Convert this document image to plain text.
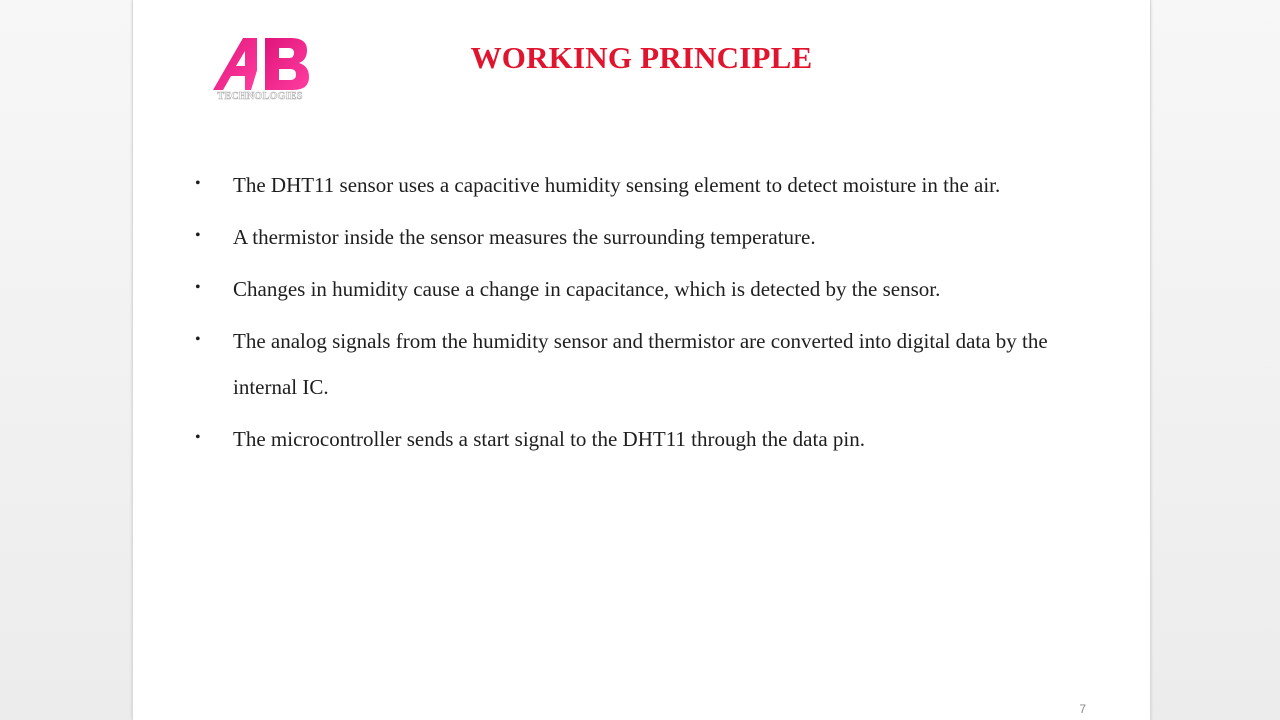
TECHNOLOGIES
WORKING PRINCIPLE
• The DHT11 sensor uses a capacitive humidity sensing element to detect moisture in the air.
• A thermistor inside the sensor measures the surrounding temperature.
• Changes in humidity cause a change in capacitance, which is detected by the sensor.
• The analog signals from the humidity sensor and thermistor are converted into digital data by the internal IC.
• The microcontroller sends a start signal to the DHT11 through the data pin.
7
